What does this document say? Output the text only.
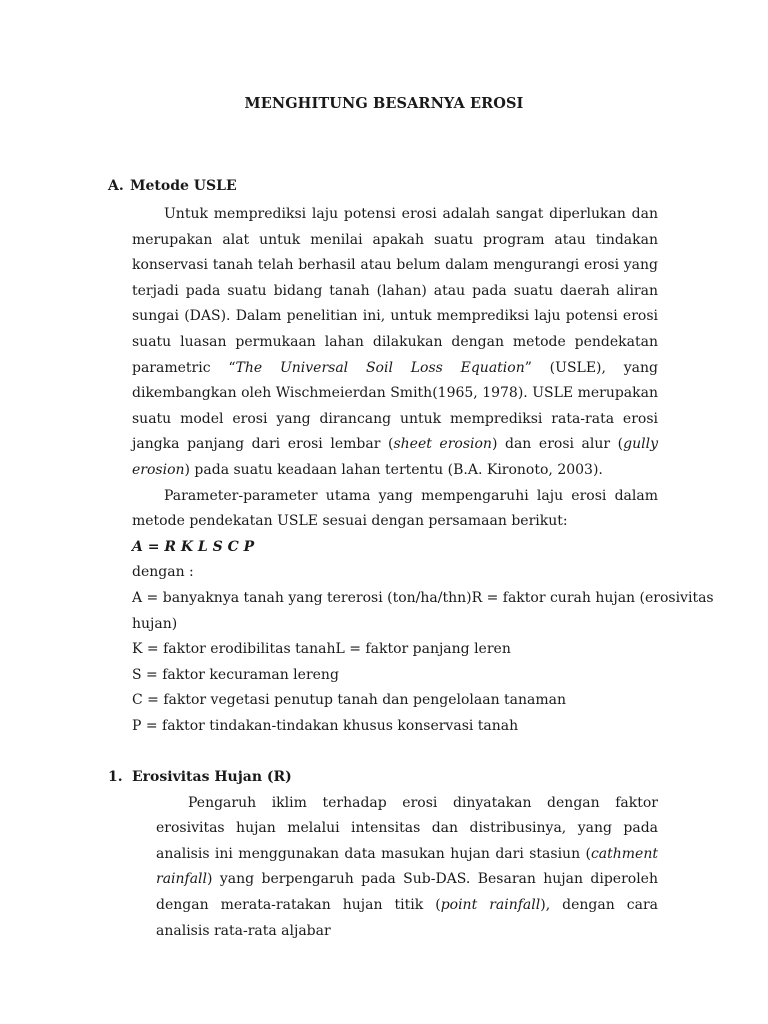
MENGHITUNG BESARNYA EROSI
A. Metode USLE

Untuk memprediksi laju potensi erosi adalah sangat diperlukan dan merupakan alat untuk menilai apakah suatu program atau tindakan konservasi tanah telah berhasil atau belum dalam mengurangi erosi yang terjadi pada suatu bidang tanah (lahan) atau pada suatu daerah aliran sungai (DAS). Dalam penelitian ini, untuk memprediksi laju potensi erosi suatu luasan permukaan lahan dilakukan dengan metode pendekatan parametric “The Universal Soil Loss Equation” (USLE), yang dikembangkan oleh Wischmeierdan Smith(1965, 1978). USLE merupakan suatu model erosi yang dirancang untuk memprediksi rata-rata erosi jangka panjang dari erosi lembar (sheet erosion) dan erosi alur (gully erosion) pada suatu keadaan lahan tertentu (B.A. Kironoto, 2003).

Parameter-parameter utama yang mempengaruhi laju erosi dalam metode pendekatan USLE sesuai dengan persamaan berikut:

A = R K L S C P

dengan :

A = banyaknya tanah yang tererosi (ton/ha/thn)R = faktor curah hujan (erosivitas

hujan)

K = faktor erodibilitas tanahL = faktor panjang leren

S = faktor kecuraman lereng

C = faktor vegetasi penutup tanah dan pengelolaan tanaman

P = faktor tindakan-tindakan khusus konservasi tanah

1. Erosivitas Hujan (R)

Pengaruh iklim terhadap erosi dinyatakan dengan faktor erosivitas hujan melalui intensitas dan distribusinya, yang pada analisis ini menggunakan data masukan hujan dari stasiun (cathment rainfall) yang berpengaruh pada Sub-DAS. Besaran hujan diperoleh dengan merata-ratakan hujan titik (point rainfall), dengan cara analisis rata-rata aljabar
